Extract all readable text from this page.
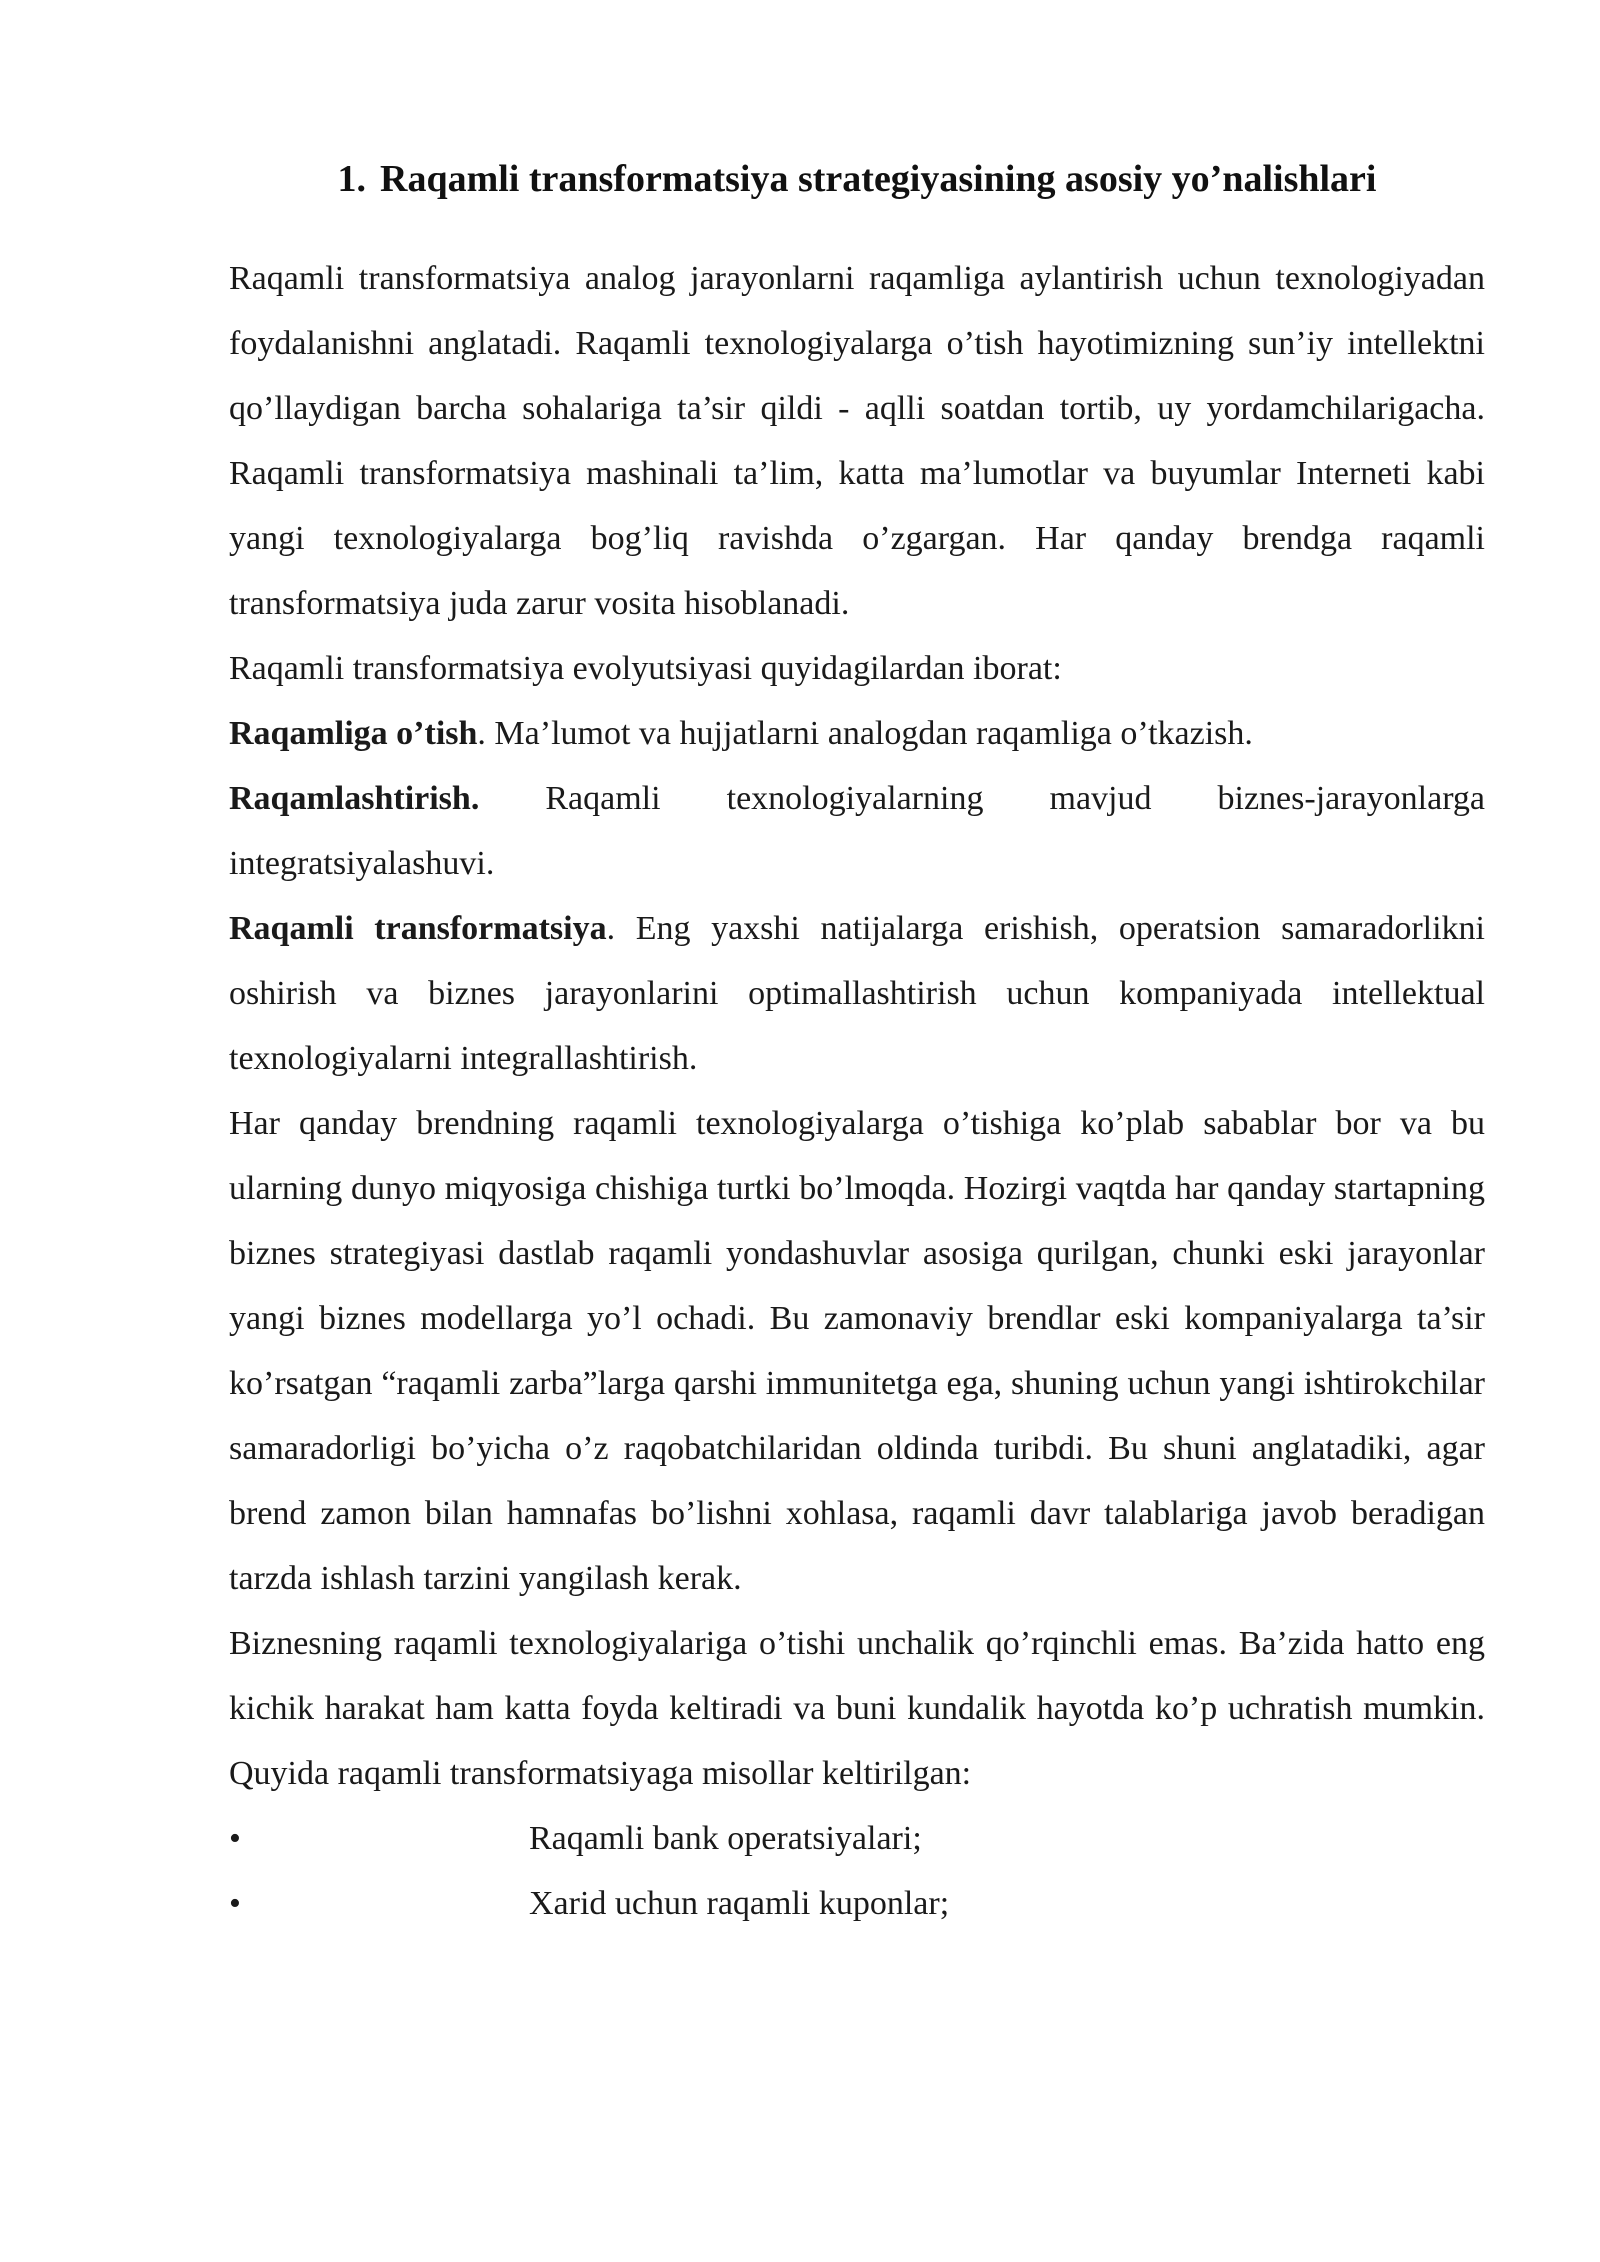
1. Raqamli transformatsiya strategiyasining asosiy yo’nalishlari

Raqamli transformatsiya analog jarayonlarni raqamliga aylantirish uchun texnologiyadan foydalanishni anglatadi. Raqamli texnologiyalarga o’tish hayotimizning sun’iy intellektni qo’llaydigan barcha sohalariga ta’sir qildi - aqlli soatdan tortib, uy yordamchilarigacha. Raqamli transformatsiya mashinali ta’lim, katta ma’lumotlar va buyumlar Interneti kabi yangi texnologiyalarga bog’liq ravishda o’zgargan. Har qanday brendga raqamli transformatsiya juda zarur vosita hisoblanadi.

Raqamli transformatsiya evolyutsiyasi quyidagilardan iborat:

Raqamliga o’tish. Ma’lumot va hujjatlarni analogdan raqamliga o’tkazish.

Raqamlashtirish. Raqamli texnologiyalarning mavjud biznes-jarayonlarga integratsiyalashuvi.

Raqamli transformatsiya. Eng yaxshi natijalarga erishish, operatsion samaradorlikni oshirish va biznes jarayonlarini optimallashtirish uchun kompaniyada intellektual texnologiyalarni integrallashtirish.

Har qanday brendning raqamli texnologiyalarga o’tishiga ko’plab sabablar bor va bu ularning dunyo miqyosiga chishiga turtki bo’lmoqda. Hozirgi vaqtda har qanday startapning biznes strategiyasi dastlab raqamli yondashuvlar asosiga qurilgan, chunki eski jarayonlar yangi biznes modellarga yo’l ochadi. Bu zamonaviy brendlar eski kompaniyalarga ta’sir ko’rsatgan “raqamli zarba”larga qarshi immunitetga ega, shuning uchun yangi ishtirokchilar samaradorligi bo’yicha o’z raqobatchilaridan oldinda turibdi. Bu shuni anglatadiki, agar brend zamon bilan hamnafas bo’lishni xohlasa, raqamli davr talablariga javob beradigan tarzda ishlash tarzini yangilash kerak.

Biznesning raqamli texnologiyalariga o’tishi unchalik qo’rqinchli emas. Ba’zida hatto eng kichik harakat ham katta foyda keltiradi va buni kundalik hayotda ko’p uchratish mumkin. Quyida raqamli transformatsiyaga misollar keltirilgan:

•	Raqamli bank operatsiyalari;
•	Xarid uchun raqamli kuponlar;
